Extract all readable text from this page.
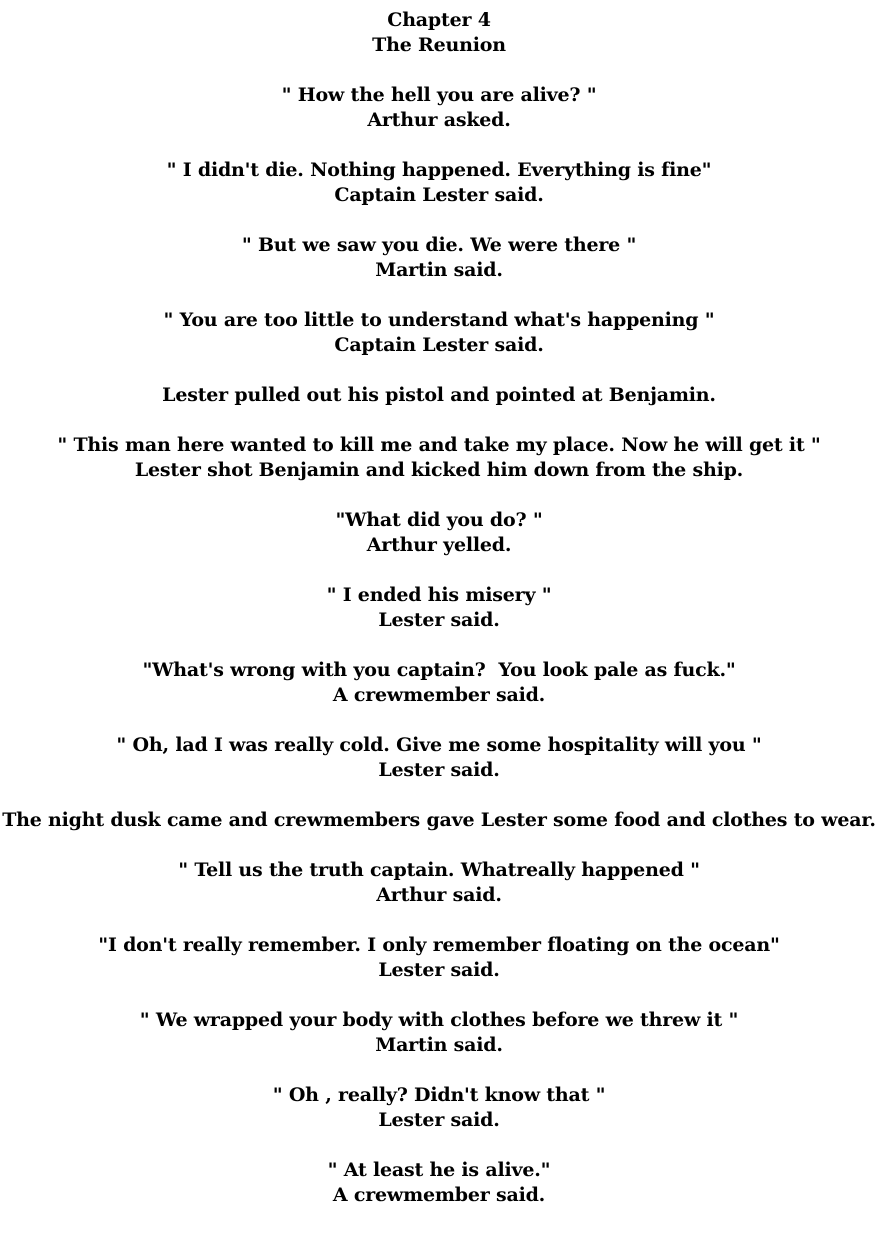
Chapter 4
The Reunion
" How the hell you are alive? "
Arthur asked.
" I didn't die. Nothing happened. Everything is fine"
Captain Lester said.
" But we saw you die. We were there "
Martin said.
" You are too little to understand what's happening "
Captain Lester said.
Lester pulled out his pistol and pointed at Benjamin.
" This man here wanted to kill me and take my place. Now he will get it "
Lester shot Benjamin and kicked him down from the ship.
"What did you do? "
Arthur yelled.
" I ended his misery "
Lester said.
"What's wrong with you captain?  You look pale as fuck."
A crewmember said.
" Oh, lad I was really cold. Give me some hospitality will you "
Lester said.
The night dusk came and crewmembers gave Lester some food and clothes to wear.
" Tell us the truth captain. Whatreally happened "
Arthur said.
"I don't really remember. I only remember floating on the ocean"
Lester said.
" We wrapped your body with clothes before we threw it "
Martin said.
" Oh , really? Didn't know that "
Lester said.
" At least he is alive."
A crewmember said.
